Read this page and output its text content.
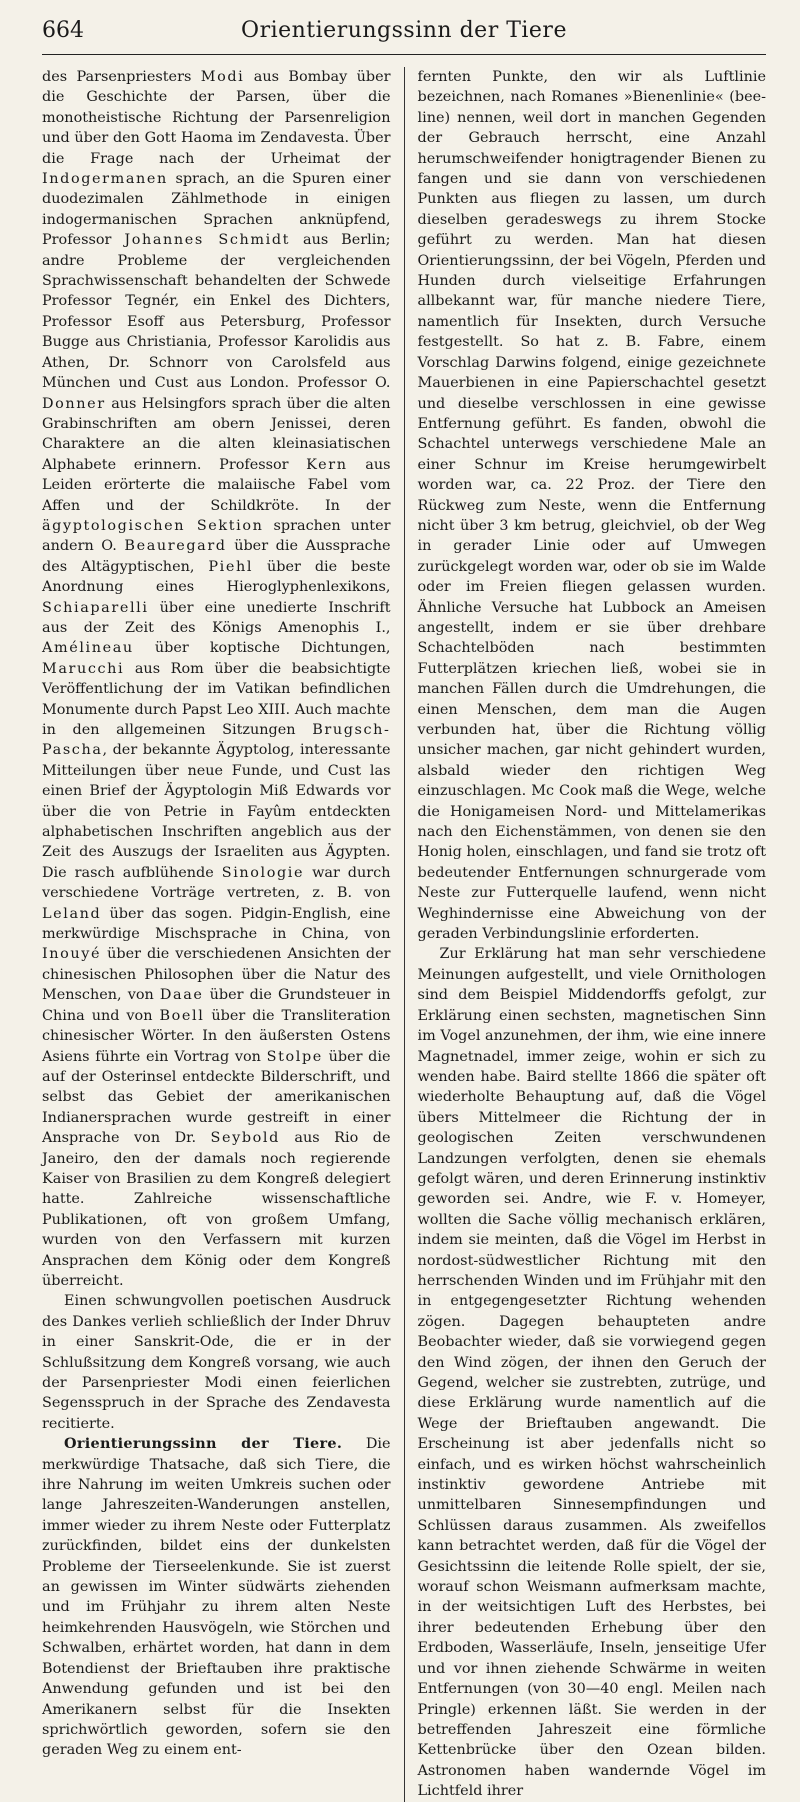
664	Orientierungssinn der Tiere

des Parsenpriesters Modi aus Bombay über die Geschichte der Parsen, über die monotheistische Richtung der Parsenreligion und über den Gott Haoma im Zendavesta. Über die Frage nach der Urheimat der Indogermanen sprach, an die Spuren einer duodezimalen Zählmethode in einigen indogermanischen Sprachen anknüpfend, Professor Johannes Schmidt aus Berlin; andre Probleme der vergleichenden Sprachwissenschaft behandelten der Schwede Professor Tegnér, ein Enkel des Dichters, Professor Esoff aus Petersburg, Professor Bugge aus Christiania, Professor Karolidis aus Athen, Dr. Schnorr von Carolsfeld aus München und Cust aus London. Professor O. Donner aus Helsingfors sprach über die alten Grabinschriften am obern Jenissei, deren Charaktere an die alten kleinasiatischen Alphabete erinnern. Professor Kern aus Leiden erörterte die malaiische Fabel vom Affen und der Schildkröte. In der ägyptologischen Sektion sprachen unter andern O. Beauregard über die Aussprache des Altägyptischen, Piehl über die beste Anordnung eines Hieroglyphenlexikons, Schiaparelli über eine unedierte Inschrift aus der Zeit des Königs Amenophis I., Amélineau über koptische Dichtungen, Marucchi aus Rom über die beabsichtigte Veröffentlichung der im Vatikan befindlichen Monumente durch Papst Leo XIII. Auch machte in den allgemeinen Sitzungen Brugsch-Pascha, der bekannte Ägyptolog, interessante Mitteilungen über neue Funde, und Cust las einen Brief der Ägyptologin Miß Edwards vor über die von Petrie in Fayûm entdeckten alphabetischen Inschriften angeblich aus der Zeit des Auszugs der Israeliten aus Ägypten. Die rasch aufblühende Sinologie war durch verschiedene Vorträge vertreten, z. B. von Leland über das sogen. Pidgin-English, eine merkwürdige Mischsprache in China, von Inouyé über die verschiedenen Ansichten der chinesischen Philosophen über die Natur des Menschen, von Daae über die Grundsteuer in China und von Boell über die Transliteration chinesischer Wörter. In den äußersten Ostens Asiens führte ein Vortrag von Stolpe über die auf der Osterinsel entdeckte Bilderschrift, und selbst das Gebiet der amerikanischen Indianersprachen wurde gestreift in einer Ansprache von Dr. Seybold aus Rio de Janeiro, den der damals noch regierende Kaiser von Brasilien zu dem Kongreß delegiert hatte. Zahlreiche wissenschaftliche Publikationen, oft von großem Umfang, wurden von den Verfassern mit kurzen Ansprachen dem König oder dem Kongreß überreicht.

Einen schwungvollen poetischen Ausdruck des Dankes verlieh schließlich der Inder Dhruv in einer Sanskrit-Ode, die er in der Schlußsitzung dem Kongreß vorsang, wie auch der Parsenpriester Modi einen feierlichen Segensspruch in der Sprache des Zendavesta recitierte.

Orientierungssinn der Tiere. Die merkwürdige Thatsache, daß sich Tiere, die ihre Nahrung im weiten Umkreis suchen oder lange Jahreszeiten-Wanderungen anstellen, immer wieder zu ihrem Neste oder Futterplatz zurückfinden, bildet eins der dunkelsten Probleme der Tierseelenkunde. Sie ist zuerst an gewissen im Winter südwärts ziehenden und im Frühjahr zu ihrem alten Neste heimkehrenden Hausvögeln, wie Störchen und Schwalben, erhärtet worden, hat dann in dem Botendienst der Brieftauben ihre praktische Anwendung gefunden und ist bei den Amerikanern selbst für die Insekten sprichwörtlich geworden, sofern sie den geraden Weg zu einem ent-

fernten Punkte, den wir als Luftlinie bezeichnen, nach Romanes »Bienenlinie« (bee-line) nennen, weil dort in manchen Gegenden der Gebrauch herrscht, eine Anzahl herumschweifender honigtragender Bienen zu fangen und sie dann von verschiedenen Punkten aus fliegen zu lassen, um durch dieselben geradeswegs zu ihrem Stocke geführt zu werden. Man hat diesen Orientierungssinn, der bei Vögeln, Pferden und Hunden durch vielseitige Erfahrungen allbekannt war, für manche niedere Tiere, namentlich für Insekten, durch Versuche festgestellt. So hat z. B. Fabre, einem Vorschlag Darwins folgend, einige gezeichnete Mauerbienen in eine Papierschachtel gesetzt und dieselbe verschlossen in eine gewisse Entfernung geführt. Es fanden, obwohl die Schachtel unterwegs verschiedene Male an einer Schnur im Kreise herumgewirbelt worden war, ca. 22 Proz. der Tiere den Rückweg zum Neste, wenn die Entfernung nicht über 3 km betrug, gleichviel, ob der Weg in gerader Linie oder auf Umwegen zurückgelegt worden war, oder ob sie im Walde oder im Freien fliegen gelassen wurden. Ähnliche Versuche hat Lubbock an Ameisen angestellt, indem er sie über drehbare Schachtelböden nach bestimmten Futterplätzen kriechen ließ, wobei sie in manchen Fällen durch die Umdrehungen, die einen Menschen, dem man die Augen verbunden hat, über die Richtung völlig unsicher machen, gar nicht gehindert wurden, alsbald wieder den richtigen Weg einzuschlagen. Mc Cook maß die Wege, welche die Honigameisen Nord- und Mittelamerikas nach den Eichenstämmen, von denen sie den Honig holen, einschlagen, und fand sie trotz oft bedeutender Entfernungen schnurgerade vom Neste zur Futterquelle laufend, wenn nicht Weghindernisse eine Abweichung von der geraden Verbindungslinie erforderten.

Zur Erklärung hat man sehr verschiedene Meinungen aufgestellt, und viele Ornithologen sind dem Beispiel Middendorffs gefolgt, zur Erklärung einen sechsten, magnetischen Sinn im Vogel anzunehmen, der ihm, wie eine innere Magnetnadel, immer zeige, wohin er sich zu wenden habe. Baird stellte 1866 die später oft wiederholte Behauptung auf, daß die Vögel übers Mittelmeer die Richtung der in geologischen Zeiten verschwundenen Landzungen verfolgten, denen sie ehemals gefolgt wären, und deren Erinnerung instinktiv geworden sei. Andre, wie F. v. Homeyer, wollten die Sache völlig mechanisch erklären, indem sie meinten, daß die Vögel im Herbst in nordost-südwestlicher Richtung mit den herrschenden Winden und im Frühjahr mit den in entgegengesetzter Richtung wehenden zögen. Dagegen behaupteten andre Beobachter wieder, daß sie vorwiegend gegen den Wind zögen, der ihnen den Geruch der Gegend, welcher sie zustrebten, zutrüge, und diese Erklärung wurde namentlich auf die Wege der Brieftauben angewandt. Die Erscheinung ist aber jedenfalls nicht so einfach, und es wirken höchst wahrscheinlich instinktiv gewordene Antriebe mit unmittelbaren Sinnesempfindungen und Schlüssen daraus zusammen. Als zweifellos kann betrachtet werden, daß für die Vögel der Gesichtssinn die leitende Rolle spielt, der sie, worauf schon Weismann aufmerksam machte, in der weitsichtigen Luft des Herbstes, bei ihrer bedeutenden Erhebung über den Erdboden, Wasserläufe, Inseln, jenseitige Ufer und vor ihnen ziehende Schwärme in weiten Entfernungen (von 30—40 engl. Meilen nach Pringle) erkennen läßt. Sie werden in der betreffenden Jahreszeit eine förmliche Kettenbrücke über den Ozean bilden. Astronomen haben wandernde Vögel im Lichtfeld ihrer
